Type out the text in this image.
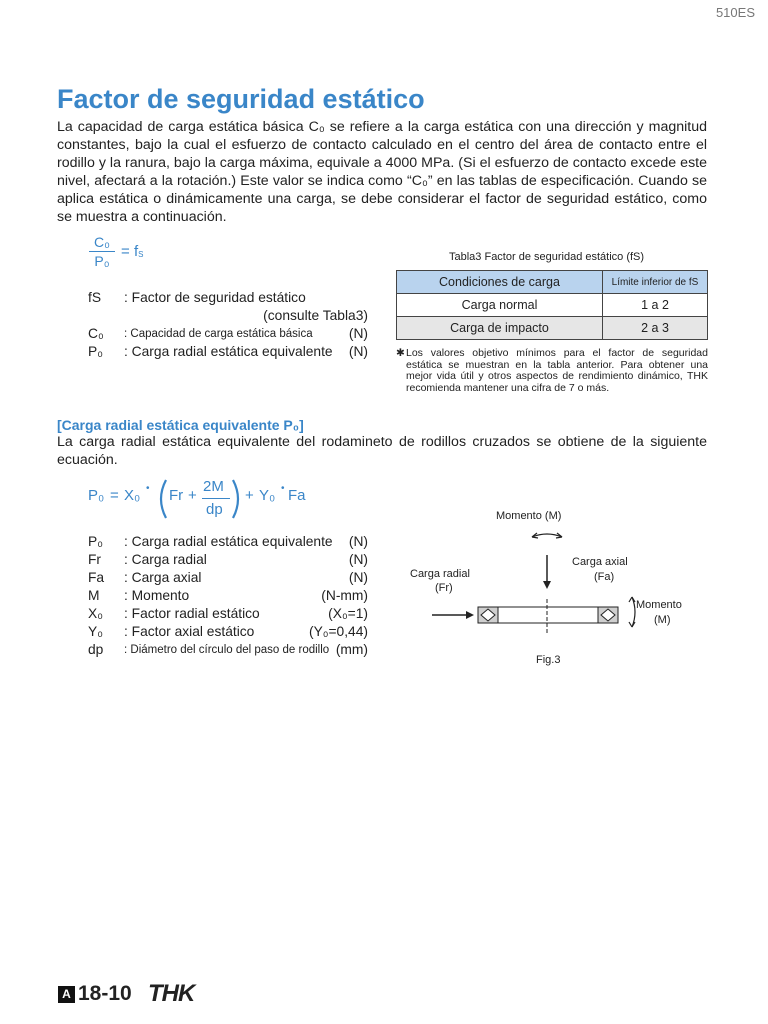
510ES
Factor de seguridad estático

La capacidad de carga estática básica C₀ se refiere a la carga estática con una dirección y magnitud constantes, bajo la cual el esfuerzo de contacto calculado en el centro del área de contacto entre el rodillo y la ranura, bajo la carga máxima, equivale a 4000 MPa. (Si el esfuerzo de contacto excede este nivel, afectará a la rotación.) Este valor se indica como “C₀” en las tablas de especificación. Cuando se aplica estática o dinámicamente una carga, se debe considerar el factor de seguridad estático, como se muestra a continuación.

C₀
P₀
= $f_S$
fS : Factor de seguridad estático
(consulte Tabla3)
C₀ : Capacidad de carga estática básica	(N)
P₀ : Carga radial estática equivalente (N)
Tabla3 Factor de seguridad estático (fS)
Condiciones de carga	Límite inferior de fS
Carga normal	1 a 2
Carga de impacto	2 a 3
✱ Los valores objetivo mínimos para el factor de seguridad estática se muestran en la tabla anterior. Para obtener una mejor vida útil y otros aspectos de rendimiento dinámico, THK recomienda mantener una cifra de 7 o más.
[Carga radial estática equivalente P₀]
La carga radial estática equivalente del rodamineto de rodillos cruzados se obtiene de la siguiente ecuación.
P₀ = X₀ • Fr +
2M
dp
+ Y₀ • Fa
P₀ : Carga radial estática equivalente (N)
Fr : Carga radial	(N)
Fa : Carga axial	(N)
M : Momento	(N-mm)
X₀ : Factor radial estático	(X₀=1)
Y₀ : Factor axial estático	(Y₀=0,44)
dp : Diámetro del círculo del paso de rodillo (mm)
Momento (M)
Carga axial
(Fa)
Carga radial
(Fr)
Momento
(M)
Fig.3
A 18-10 THK
